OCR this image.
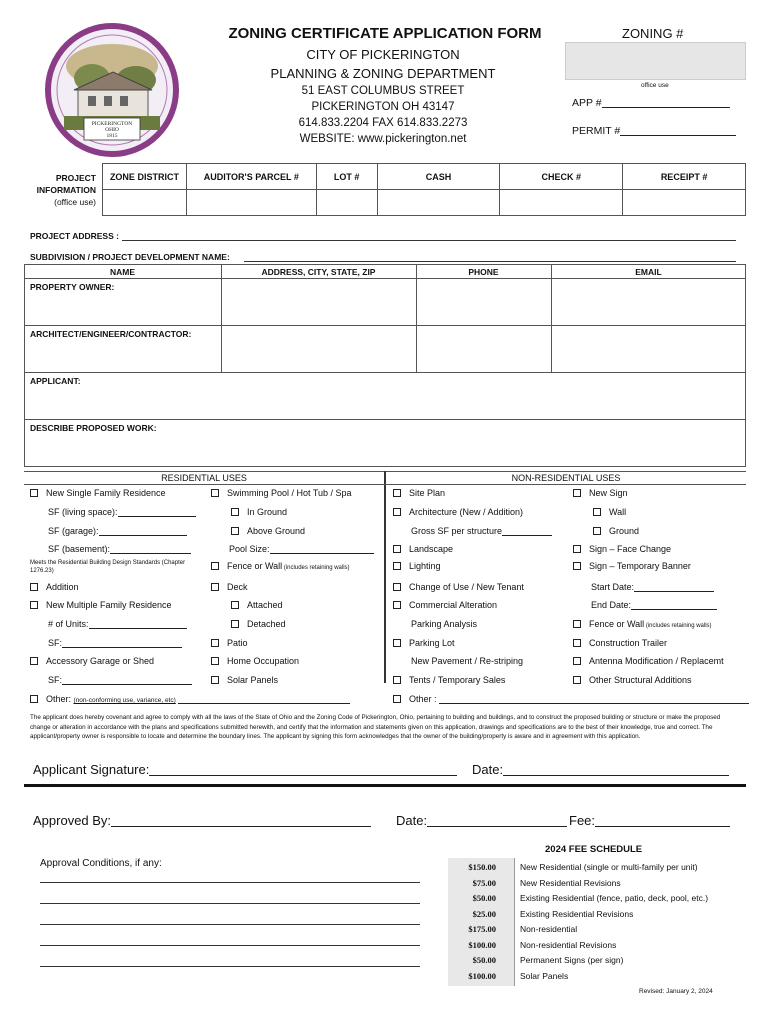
PICKERINGTON
OHIO
1815
ZONING CERTIFICATE APPLICATION FORM
CITY OF PICKERINGTON
PLANNING & ZONING DEPARTMENT
51 EAST COLUMBUS STREET
PICKERINGTON OH 43147
614.833.2204 FAX 614.833.2273
WEBSITE: www.pickerington.net
ZONING #
office use
APP #
PERMIT #
PROJECT
INFORMATION
(office use)
ZONE DISTRICT	AUDITOR'S PARCEL #	LOT #	CASH	CHECK #	RECEIPT #

PROJECT ADDRESS :
SUBDIVISION / PROJECT DEVELOPMENT NAME:
NAME	ADDRESS, CITY, STATE, ZIP	PHONE	EMAIL
PROPERTY OWNER:
ARCHITECT/ENGINEER/CONTRACTOR:
APPLICANT:
DESCRIBE PROPOSED WORK:
RESIDENTIAL USES	NON-RESIDENTIAL USES
New Single Family Residence
SF (living space):
SF (garage):
SF (basement):
Meets the Residential Building Design Standards (Chapter 1276.23)
Addition
New Multiple Family Residence
# of Units:
SF:
Accessory Garage or Shed
SF:
Swimming Pool / Hot Tub / Spa
In Ground
Above Ground
Pool Size:
Fence or Wall (includes retaining walls)
Deck
Attached
Detached
Patio
Home Occupation
Solar Panels
Site Plan
Architecture (New / Addition)
Gross SF per structure
Landscape
Lighting
Change of Use / New Tenant
Commercial Alteration
Parking Analysis
Parking Lot
New Pavement / Re-striping
Tents / Temporary Sales
New Sign
Wall
Ground
Sign – Face Change
Sign – Temporary Banner
Start Date:
End Date:
Fence or Wall (includes retaining walls)
Construction Trailer
Antenna Modification / Replacemt
Other Structural Additions
Other: (non-conforming use, variance, etc)	Other :
The applicant does hereby covenant and agree to comply with all the laws of the State of Ohio and the Zoning Code of Pickerington, Ohio, pertaining to building and buildings, and to construct the proposed building or structure or make the proposed change or alteration in accordance with the plans and specifications submitted herewith, and certify that the information and statements given on this application, drawings and specifications are to the best of their knowledge, true and correct. The applicant/property owner is responsible to locate and determine the boundary lines. The applicant by signing this form acknowledges that the owner of the building/property is aware and in agreement with this application.
Applicant Signature:	Date:
Approved By:	Date:	Fee:
Approval Conditions, if any:
2024 FEE SCHEDULE
$150.00	New Residential (single or multi-family per unit)
$75.00	New Residential Revisions
$50.00	Existing Residential (fence, patio, deck, pool, etc.)
$25.00	Existing Residential Revisions
$175.00	Non-residential
$100.00	Non-residential Revisions
$50.00	Permanent Signs (per sign)
$100.00	Solar Panels
Revised: January 2, 2024
